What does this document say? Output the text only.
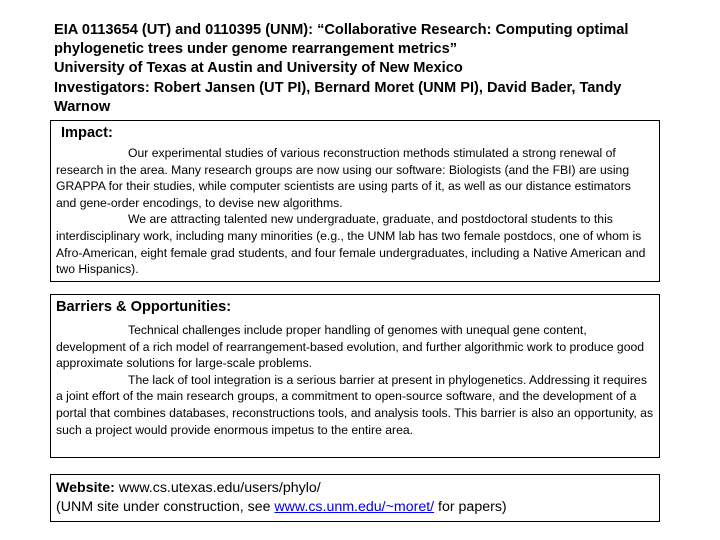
EIA 0113654 (UT) and 0110395 (UNM): “Collaborative Research: Computing optimal phylogenetic trees under genome rearrangement metrics”
University of Texas at Austin and University of New Mexico
Investigators: Robert Jansen (UT PI), Bernard Moret (UNM PI), David Bader, Tandy Warnow
Impact:

Our experimental studies of various reconstruction methods stimulated a strong renewal of research in the area. Many research groups are now using our software: Biologists (and the FBI) are using GRAPPA for their studies, while computer scientists are using parts of it, as well as our distance estimators and gene-order encodings, to devise new algorithms.

We are attracting talented new undergraduate, graduate, and postdoctoral students to this interdisciplinary work, including many minorities (e.g., the UNM lab has two female postdocs, one of whom is Afro-American, eight female grad students, and four female undergraduates, including a Native American and two Hispanics).

Barriers & Opportunities:

Technical challenges include proper handling of genomes with unequal gene content, development of a rich model of rearrangement-based evolution, and further algorithmic work to produce good approximate solutions for large-scale problems.

The lack of tool integration is a serious barrier at present in phylogenetics. Addressing it requires a joint effort of the main research groups, a commitment to open-source software, and the development of a portal that combines databases, reconstructions tools, and analysis tools. This barrier is also an opportunity, as such a project would provide enormous impetus to the entire area.

Website: www.cs.utexas.edu/users/phylo/
(UNM site under construction, see www.cs.unm.edu/~moret/ for papers)
